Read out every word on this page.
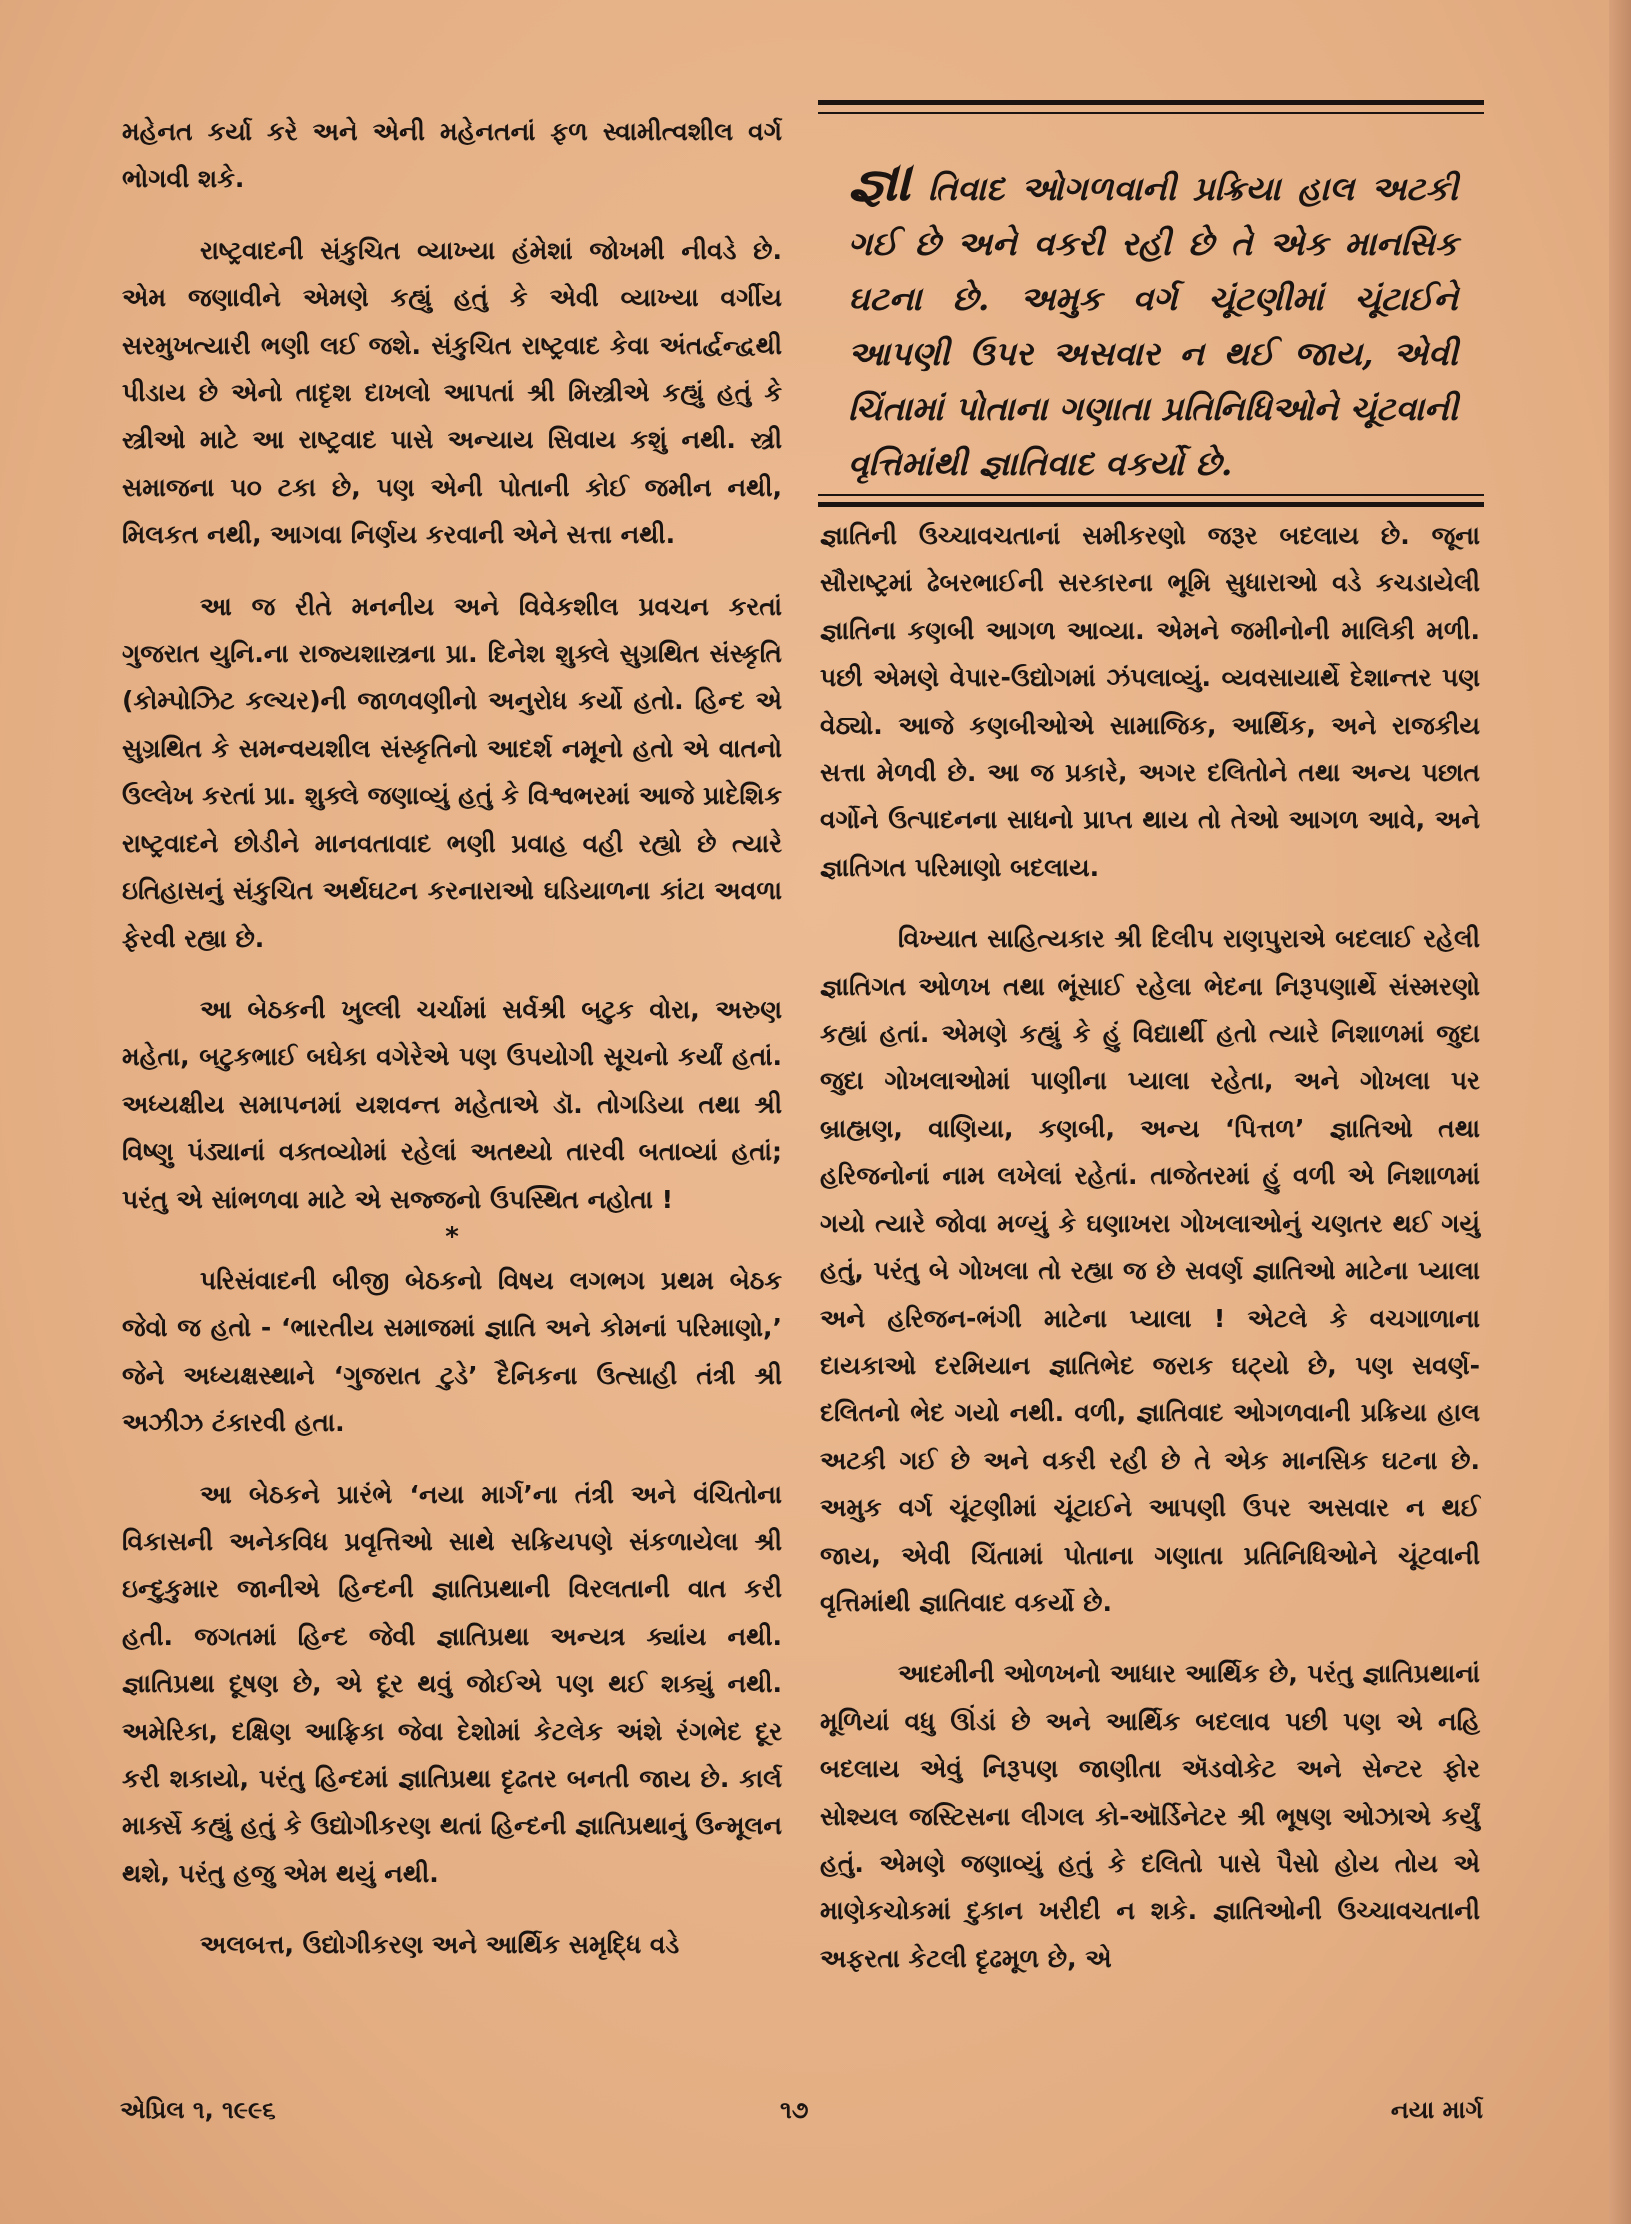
મહેનત કર્યા કરે અને એની મહેનતનાં ફળ સ્વામીત્વશીલ વર્ગ ભોગવી શકે.

રાષ્ટ્રવાદની સંકુચિત વ્યાખ્યા હંમેશાં જોખમી નીવડે છે. એમ જણાવીને એમણે કહ્યું હતું કે એવી વ્યાખ્યા વર્ગીય સરમુખત્યારી ભણી લઈ જશે. સંકુચિત રાષ્ટ્રવાદ કેવા અંતર્દ્વન્દ્વથી પીડાય છે એનો તાદૃશ દાખલો આપતાં શ્રી મિસ્ત્રીએ કહ્યું હતું કે સ્ત્રીઓ માટે આ રાષ્ટ્રવાદ પાસે અન્યાય સિવાય કશું નથી. સ્ત્રી સમાજના ૫૦ ટકા છે, પણ એની પોતાની કોઈ જમીન નથી, મિલકત નથી, આગવા નિર્ણય કરવાની એને સત્તા નથી.

આ જ રીતે મનનીય અને વિવેકશીલ પ્રવચન કરતાં ગુજરાત યુનિ.ના રાજ્યશાસ્ત્રના પ્રા. દિનેશ શુક્લે સુગ્રથિત સંસ્કૃતિ (કોમ્પોઝિટ કલ્ચર)ની જાળવણીનો અનુરોધ કર્યો હતો. હિન્દ એ સુગ્રથિત કે સમન્વયશીલ સંસ્કૃતિનો આદર્શ નમૂનો હતો એ વાતનો ઉલ્લેખ કરતાં પ્રા. શુક્લે જણાવ્યું હતું કે વિશ્વભરમાં આજે પ્રાદેશિક રાષ્ટ્રવાદને છોડીને માનવતાવાદ ભણી પ્રવાહ વહી રહ્યો છે ત્યારે ઇતિહાસનું સંકુચિત અર્થઘટન કરનારાઓ ઘડિયાળના કાંટા અવળા ફેરવી રહ્યા છે.

આ બેઠકની ખુલ્લી ચર્ચામાં સર્વશ્રી બટુક વોરા, અરુણ મહેતા, બટુકભાઈ બઘેકા વગેરેએ પણ ઉપયોગી સૂચનો કર્યાં હતાં. અધ્યક્ષીય સમાપનમાં યશવન્ત મહેતાએ ડૉ. તોગડિયા તથા શ્રી વિષ્ણુ પંડ્યાનાં વક્તવ્યોમાં રહેલાં અતથ્યો તારવી બતાવ્યાં હતાં; પરંતુ એ સાંભળવા માટે એ સજ્જનો ઉપસ્થિત નહોતા !

*

પરિસંવાદની બીજી બેઠકનો વિષય લગભગ પ્રથમ બેઠક જેવો જ હતો - ‘ભારતીય સમાજમાં જ્ઞાતિ અને કોમનાં પરિમાણો,’ જેને અધ્યક્ષસ્થાને ‘ગુજરાત ટુડે’ દૈનિકના ઉત્સાહી તંત્રી શ્રી અઝીઝ ટંકારવી હતા.

આ બેઠકને પ્રારંભે ‘નયા માર્ગ’ના તંત્રી અને વંચિતોના વિકાસની અનેકવિધ પ્રવૃત્તિઓ સાથે સક્રિયપણે સંકળાયેલા શ્રી ઇન્દુકુમાર જાનીએ હિન્દની જ્ઞાતિપ્રથાની વિરલતાની વાત કરી હતી. જગતમાં હિન્દ જેવી જ્ઞાતિપ્રથા અન્યત્ર ક્યાંય નથી. જ્ઞાતિપ્રથા દૂષણ છે, એ દૂર થવું જોઈએ પણ થઈ શક્યું નથી. અમેરિકા, દક્ષિણ આફ્રિકા જેવા દેશોમાં કેટલેક અંશે રંગભેદ દૂર કરી શકાયો, પરંતુ હિન્દમાં જ્ઞાતિપ્રથા દૃઢતર બનતી જાય છે. કાર્લ માર્ક્સે કહ્યું હતું કે ઉદ્યોગીકરણ થતાં હિન્દની જ્ઞાતિપ્રથાનું ઉન્મૂલન થશે, પરંતુ હજુ એમ થયું નથી.

અલબત્ત, ઉદ્યોગીકરણ અને આર્થિક સમૃદ્ધિ વડે

જ્ઞા તિવાદ ઓગળવાની પ્રક્રિયા હાલ અટકી ગઈ છે અને વકરી રહી છે તે એક માનસિક ઘટના છે. અમુક વર્ગ ચૂંટણીમાં ચૂંટાઈને આપણી ઉપર અસવાર ન થઈ જાય, એવી ચિંતામાં પોતાના ગણાતા પ્રતિનિધિઓને ચૂંટવાની વૃત્તિમાંથી જ્ઞાતિવાદ વકર્યો છે.

જ્ઞાતિની ઉચ્ચાવચતાનાં સમીકરણો જરૂર બદલાય છે. જૂના સૌરાષ્ટ્રમાં ઢેબરભાઈની સરકારના ભૂમિ સુધારાઓ વડે કચડાયેલી જ્ઞાતિના કણબી આગળ આવ્યા. એમને જમીનોની માલિકી મળી. પછી એમણે વેપાર-ઉદ્યોગમાં ઝંપલાવ્યું. વ્યવસાયાર્થે દેશાન્તર પણ વેઠ્યો. આજે કણબીઓએ સામાજિક, આર્થિક, અને રાજકીય સત્તા મેળવી છે. આ જ પ્રકારે, અગર દલિતોને તથા અન્ય પછાત વર્ગોને ઉત્પાદનના સાધનો પ્રાપ્ત થાય તો તેઓ આગળ આવે, અને જ્ઞાતિગત પરિમાણો બદલાય.

વિખ્યાત સાહિત્યકાર શ્રી દિલીપ રાણપુરાએ બદલાઈ રહેલી જ્ઞાતિગત ઓળખ તથા ભૂંસાઈ રહેલા ભેદના નિરૂપણાર્થે સંસ્મરણો કહ્યાં હતાં. એમણે કહ્યું કે હું વિદ્યાર્થી હતો ત્યારે નિશાળમાં જુદા જુદા ગોખલાઓમાં પાણીના પ્યાલા રહેતા, અને ગોખલા પર બ્રાહ્મણ, વાણિયા, કણબી, અન્ય ‘પિત્તળ’ જ્ઞાતિઓ તથા હરિજનોનાં નામ લખેલાં રહેતાં. તાજેતરમાં હું વળી એ નિશાળમાં ગયો ત્યારે જોવા મળ્યું કે ઘણાખરા ગોખલાઓનું ચણતર થઈ ગયું હતું, પરંતુ બે ગોખલા તો રહ્યા જ છે સવર્ણ જ્ઞાતિઓ માટેના પ્યાલા અને હરિજન-ભંગી માટેના પ્યાલા ! એટલે કે વચગાળાના દાયકાઓ દરમિયાન જ્ઞાતિભેદ જરાક ઘટ્યો છે, પણ સવર્ણ-દલિતનો ભેદ ગયો નથી. વળી, જ્ઞાતિવાદ ઓગળવાની પ્રક્રિયા હાલ અટકી ગઈ છે અને વકરી રહી છે તે એક માનસિક ઘટના છે. અમુક વર્ગ ચૂંટણીમાં ચૂંટાઈને આપણી ઉપર અસવાર ન થઈ જાય, એવી ચિંતામાં પોતાના ગણાતા પ્રતિનિધિઓને ચૂંટવાની વૃત્તિમાંથી જ્ઞાતિવાદ વકર્યો છે.

આદમીની ઓળખનો આધાર આર્થિક છે, પરંતુ જ્ઞાતિપ્રથાનાં મૂળિયાં વધુ ઊંડાં છે અને આર્થિક બદલાવ પછી પણ એ નહિ બદલાય એવું નિરૂપણ જાણીતા ઍડવોકેટ અને સેન્ટર ફોર સોશ્યલ જસ્ટિસના લીગલ કો-ઑર્ડિનેટર શ્રી ભૂષણ ઓઝાએ કર્યું હતું. એમણે જણાવ્યું હતું કે દલિતો પાસે પૈસો હોય તોય એ માણેકચોકમાં દુકાન ખરીદી ન શકે. જ્ઞાતિઓની ઉચ્ચાવચતાની અફરતા કેટલી દૃઢમૂળ છે, એ

એપ્રિલ ૧, ૧૯૯૬	૧૭	નયા માર્ગ
